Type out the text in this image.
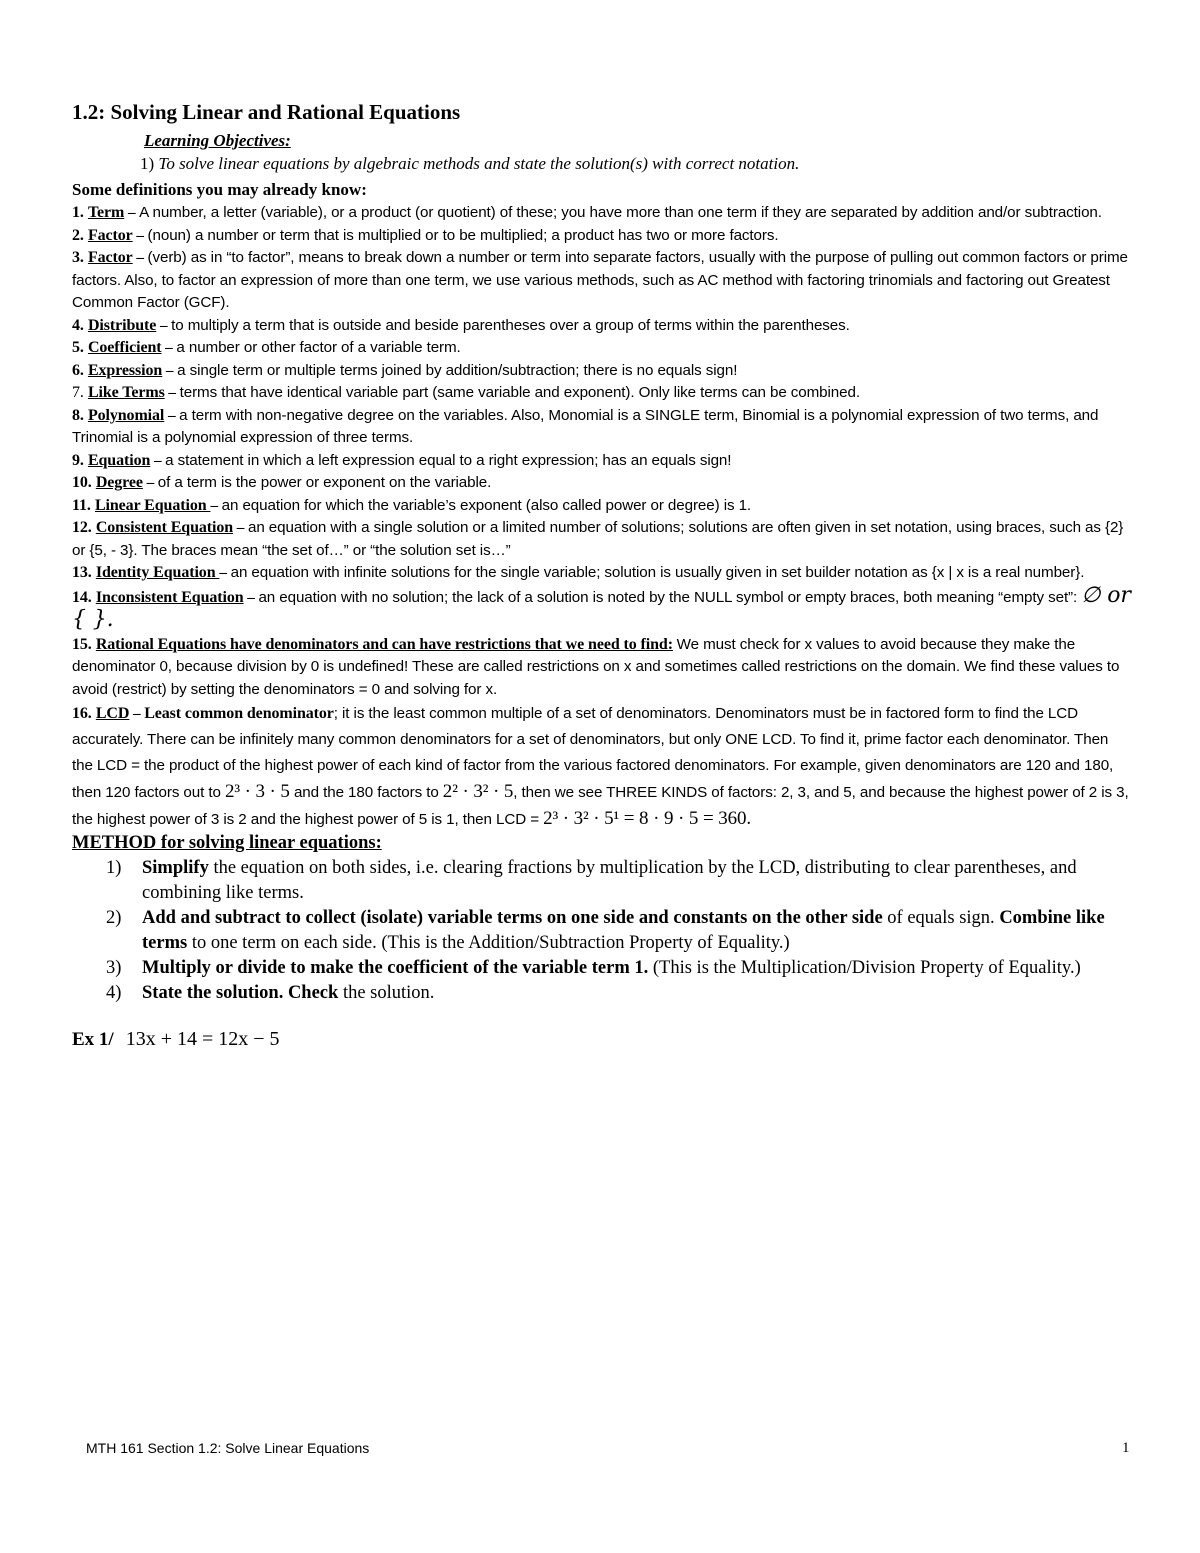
1.2: Solving Linear and Rational Equations
Learning Objectives:
1) To solve linear equations by algebraic methods and state the solution(s) with correct notation.
Some definitions you may already know:
1. Term – A number, a letter (variable), or a product (or quotient) of these; you have more than one term if they are separated by addition and/or subtraction.
2. Factor – (noun) a number or term that is multiplied or to be multiplied; a product has two or more factors.
3. Factor – (verb) as in “to factor”, means to break down a number or term into separate factors, usually with the purpose of pulling out common factors or prime factors. Also, to factor an expression of more than one term, we use various methods, such as AC method with factoring trinomials and factoring out Greatest Common Factor (GCF).
4. Distribute – to multiply a term that is outside and beside parentheses over a group of terms within the parentheses.
5. Coefficient – a number or other factor of a variable term.
6. Expression – a single term or multiple terms joined by addition/subtraction; there is no equals sign!
7. Like Terms – terms that have identical variable part (same variable and exponent). Only like terms can be combined.
8. Polynomial – a term with non-negative degree on the variables. Also, Monomial is a SINGLE term, Binomial is a polynomial expression of two terms, and Trinomial is a polynomial expression of three terms.
9. Equation – a statement in which a left expression equal to a right expression; has an equals sign!
10. Degree – of a term is the power or exponent on the variable.
11. Linear Equation – an equation for which the variable’s exponent (also called power or degree) is 1.
12. Consistent Equation – an equation with a single solution or a limited number of solutions; solutions are often given in set notation, using braces, such as {2} or {5, - 3}. The braces mean “the set of…” or “the solution set is…”
13. Identity Equation – an equation with infinite solutions for the single variable; solution is usually given in set builder notation as {x | x is a real number}.
14. Inconsistent Equation – an equation with no solution; the lack of a solution is noted by the NULL symbol or empty braces, both meaning “empty set”: ∅ or { }.
15. Rational Equations have denominators and can have restrictions that we need to find: We must check for x values to avoid because they make the denominator 0, because division by 0 is undefined! These are called restrictions on x and sometimes called restrictions on the domain. We find these values to avoid (restrict) by setting the denominators = 0 and solving for x.
16. LCD – Least common denominator; it is the least common multiple of a set of denominators. Denominators must be in factored form to find the LCD accurately. There can be infinitely many common denominators for a set of denominators, but only ONE LCD. To find it, prime factor each denominator. Then the LCD = the product of the highest power of each kind of factor from the various factored denominators. For example, given denominators are 120 and 180, then 120 factors out to 2³ · 3 · 5 and the 180 factors to 2² · 3² · 5, then we see THREE KINDS of factors: 2, 3, and 5, and because the highest power of 2 is 3, the highest power of 3 is 2 and the highest power of 5 is 1, then LCD = 2³ · 3² · 5¹ = 8 · 9 · 5 = 360.
METHOD for solving linear equations:
1) Simplify the equation on both sides, i.e. clearing fractions by multiplication by the LCD, distributing to clear parentheses, and combining like terms.
2) Add and subtract to collect (isolate) variable terms on one side and constants on the other side of equals sign. Combine like terms to one term on each side. (This is the Addition/Subtraction Property of Equality.)
3) Multiply or divide to make the coefficient of the variable term 1. (This is the Multiplication/Division Property of Equality.)
4) State the solution. Check the solution.
Ex 1/ 13x + 14 = 12x − 5
MTH 161 Section 1.2: Solve Linear Equations	1
